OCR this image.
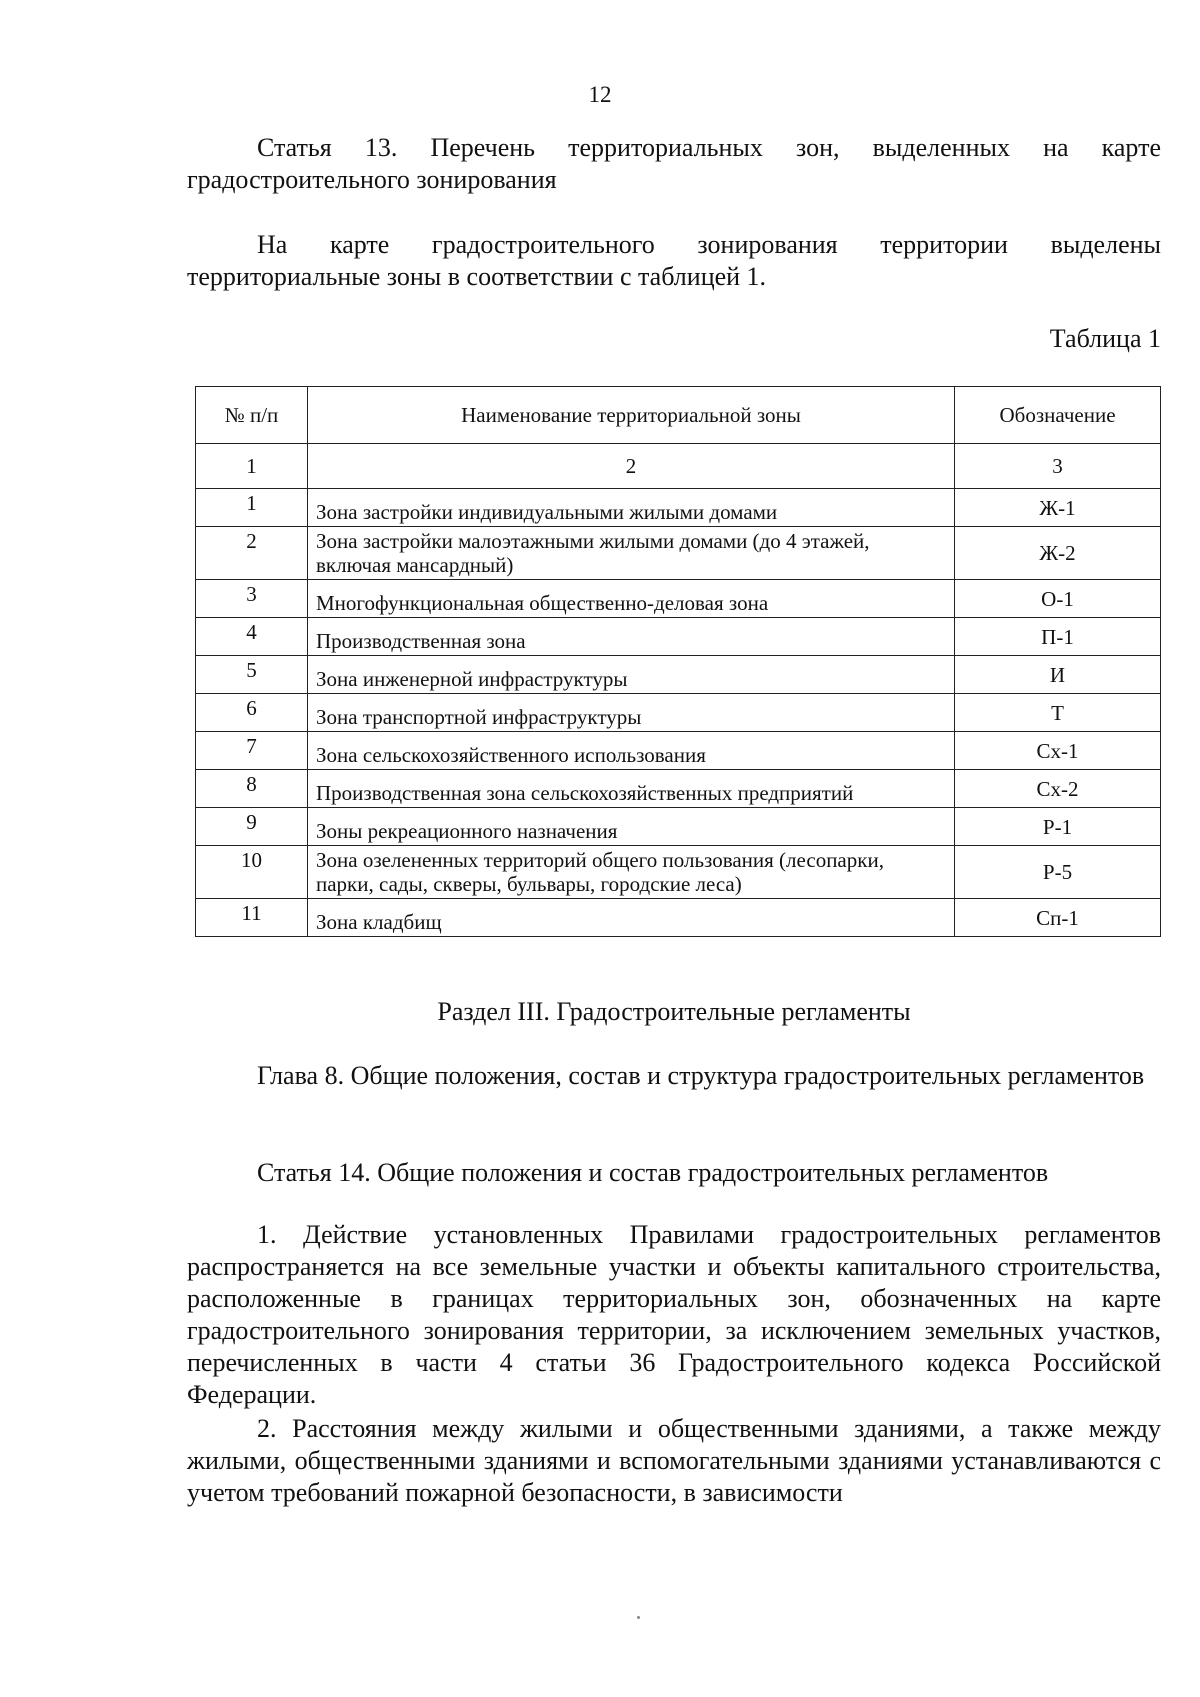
12
Статья 13. Перечень территориальных зон, выделенных на карте градостроительного зонирования
На карте градостроительного зонирования территории выделены территориальные зоны в соответствии с таблицей 1.
Таблица 1
№ п/п	Наименование территориальной зоны	Обозначение
1	2	3
1	Зона застройки индивидуальными жилыми домами	Ж-1
2	Зона застройки малоэтажными жилыми домами (до 4 этажей, включая мансардный)	Ж-2
3	Многофункциональная общественно-деловая зона	О-1
4	Производственная зона	П-1
5	Зона инженерной инфраструктуры	И
6	Зона транспортной инфраструктуры	Т
7	Зона сельскохозяйственного использования	Сх-1
8	Производственная зона сельскохозяйственных предприятий	Сх-2
9	Зоны рекреационного назначения	Р-1
10	Зона озелененных территорий общего пользования (лесопарки, парки, сады, скверы, бульвары, городские леса)	Р-5
11	Зона кладбищ	Сп-1
Раздел III. Градостроительные регламенты
Глава 8. Общие положения, состав и структура градостроительных регламентов
Статья 14. Общие положения и состав градостроительных регламентов
1. Действие установленных Правилами градостроительных регламентов распространяется на все земельные участки и объекты капитального строительства, расположенные в границах территориальных зон, обозначенных на карте градостроительного зонирования территории, за исключением земельных участков, перечисленных в части 4 статьи 36 Градостроительного кодекса Российской Федерации.
2. Расстояния между жилыми и общественными зданиями, а также между жилыми, общественными зданиями и вспомогательными зданиями устанавливаются с учетом требований пожарной безопасности, в зависимости
